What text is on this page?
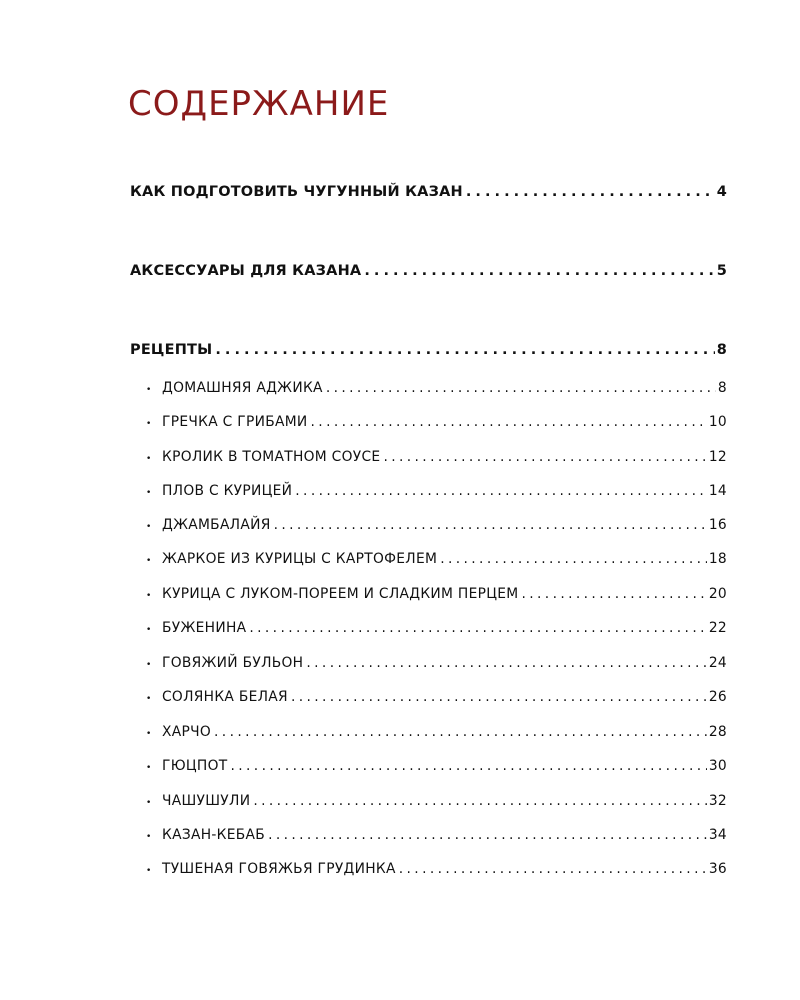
СОДЕРЖАНИЕ
КАК ПОДГОТОВИТЬ ЧУГУННЫЙ КАЗАН . . .	4
АКСЕССУАРЫ ДЛЯ КАЗАНА . . .	5
РЕЦЕПТЫ . . .	8
• ДОМАШНЯЯ АДЖИКА . . .	8
• ГРЕЧКА С ГРИБАМИ . . .	10
• КРОЛИК В ТОМАТНОМ СОУСЕ . . .	12
• ПЛОВ С КУРИЦЕЙ . . .	14
• ДЖАМБАЛАЙЯ . . .	16
• ЖАРКОЕ ИЗ КУРИЦЫ С КАРТОФЕЛЕМ . . .	18
• КУРИЦА С ЛУКОМ-ПОРЕЕМ И СЛАДКИМ ПЕРЦЕМ . . .	20
• БУЖЕНИНА . . .	22
• ГОВЯЖИЙ БУЛЬОН . . .	24
• СОЛЯНКА БЕЛАЯ . . .	26
• ХАРЧО . . .	28
• ГЮЦПОТ . . .	30
• ЧАШУШУЛИ . . .	32
• КАЗАН-КЕБАБ . . .	34
• ТУШЕНАЯ ГОВЯЖЬЯ ГРУДИНКА . . .	36
